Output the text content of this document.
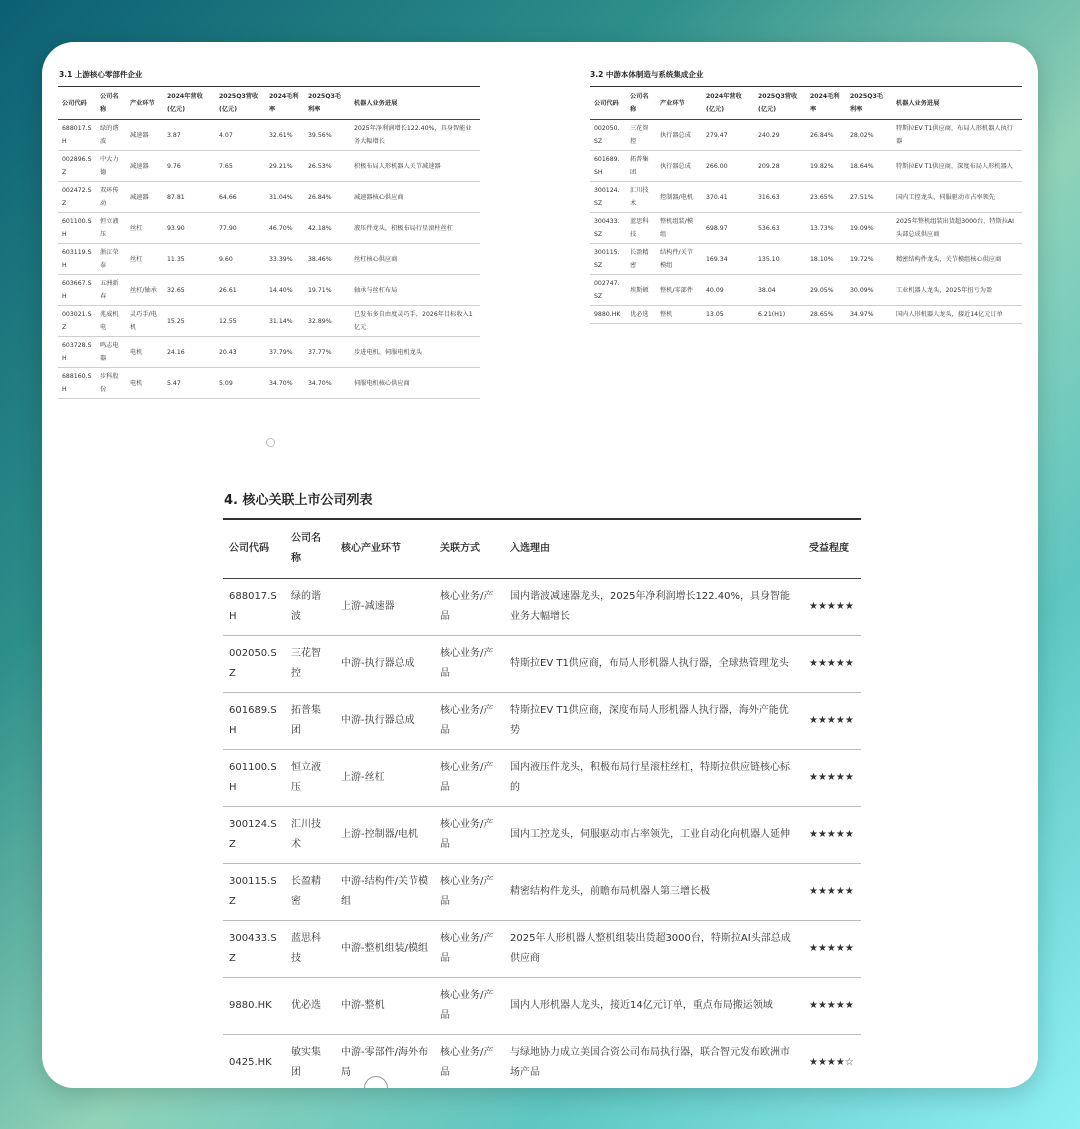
3.1 上游核心零部件企业
公司代码	公司名称	产业环节	2024年营收(亿元)	2025Q3营收(亿元)	2024毛利率	2025Q3毛利率	机器人业务进展
688017.SH	绿的谐波	减速器	3.87	4.07	32.61%	39.56%	2025年净利润增长122.40%，具身智能业务大幅增长
002896.SZ	中大力德	减速器	9.76	7.65	29.21%	26.53%	积极布局人形机器人关节减速器
002472.SZ	双环传动	减速器	87.81	64.66	31.04%	26.84%	减速器核心供应商
601100.SH	恒立液压	丝杠	93.90	77.90	46.70%	42.18%	液压件龙头，积极布局行星滚柱丝杠
603119.SH	浙江荣泰	丝杠	11.35	9.60	33.39%	38.46%	丝杠核心供应商
603667.SH	五洲新春	丝杠/轴承	32.65	26.61	14.40%	19.71%	轴承与丝杠布局
003021.SZ	兆威机电	灵巧手/电机	15.25	12.55	31.14%	32.89%	已发布多自由度灵巧手，2026年目标收入1亿元
603728.SH	鸣志电器	电机	24.16	20.43	37.79%	37.77%	步进电机、伺服电机龙头
688160.SH	步科股份	电机	5.47	5.09	34.70%	34.70%	伺服电机核心供应商
3.2 中游本体制造与系统集成企业
公司代码	公司名称	产业环节	2024年营收(亿元)	2025Q3营收(亿元)	2024毛利率	2025Q3毛利率	机器人业务进展
002050.SZ	三花智控	执行器总成	279.47	240.29	26.84%	28.02%	特斯拉EV T1供应商，布局人形机器人执行器
601689.SH	拓普集团	执行器总成	266.00	209.28	19.82%	18.64%	特斯拉EV T1供应商，深度布局人形机器人
300124.SZ	汇川技术	控制器/电机	370.41	316.63	23.65%	27.51%	国内工控龙头，伺服驱动市占率领先
300433.SZ	蓝思科技	整机组装/模组	698.97	536.63	13.73%	19.09%	2025年整机组装出货超3000台，特斯拉AI头部总成供应商
300115.SZ	长盈精密	结构件/关节模组	169.34	135.10	18.10%	19.72%	精密结构件龙头，关节模组核心供应商
002747.SZ	埃斯顿	整机/零部件	40.09	38.04	29.05%	30.09%	工业机器人龙头，2025年扭亏为盈
9880.HK	优必选	整机	13.05	6.21(H1)	28.65%	34.97%	国内人形机器人龙头，接近14亿元订单
4. 核心关联上市公司列表
公司代码	公司名称	核心产业环节	关联方式	入选理由	受益程度
688017.SH	绿的谐波	上游-减速器	核心业务/产品	国内谐波减速器龙头，2025年净利润增长122.40%，具身智能业务大幅增长	★★★★★
002050.SZ	三花智控	中游-执行器总成	核心业务/产品	特斯拉EV T1供应商，布局人形机器人执行器，全球热管理龙头	★★★★★
601689.SH	拓普集团	中游-执行器总成	核心业务/产品	特斯拉EV T1供应商，深度布局人形机器人执行器，海外产能优势	★★★★★
601100.SH	恒立液压	上游-丝杠	核心业务/产品	国内液压件龙头，积极布局行星滚柱丝杠，特斯拉供应链核心标的	★★★★★
300124.SZ	汇川技术	上游-控制器/电机	核心业务/产品	国内工控龙头，伺服驱动市占率领先，工业自动化向机器人延伸	★★★★★
300115.SZ	长盈精密	中游-结构件/关节模组	核心业务/产品	精密结构件龙头，前瞻布局机器人第三增长极	★★★★★
300433.SZ	蓝思科技	中游-整机组装/模组	核心业务/产品	2025年人形机器人整机组装出货超3000台，特斯拉AI头部总成供应商	★★★★★
9880.HK	优必选	中游-整机	核心业务/产品	国内人形机器人龙头，接近14亿元订单，重点布局搬运领域	★★★★★
0425.HK	敏实集团	中游-零部件/海外布局	核心业务/产品	与绿地协力成立美国合资公司布局执行器，联合智元发布欧洲市场产品	★★★★☆
